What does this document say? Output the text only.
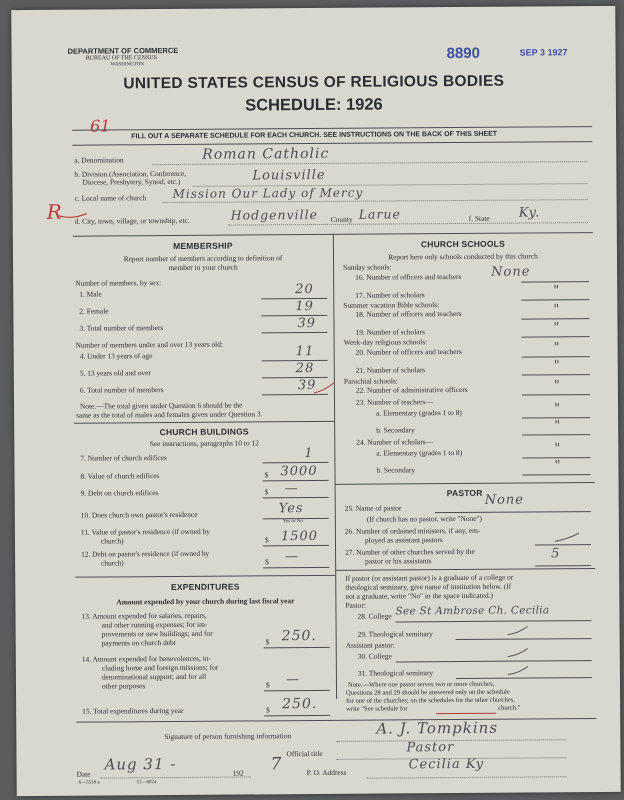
DEPARTMENT OF COMMERCE
BUREAU OF THE CENSUS
WASHINGTON
8890	SEP 3 1927
UNITED STATES CENSUS OF RELIGIOUS BODIES
SCHEDULE: 1926
61	FILL OUT A SEPARATE SCHEDULE FOR EACH CHURCH. SEE INSTRUCTIONS ON THE BACK OF THIS SHEET
a. Denomination	Roman Catholic
b. Division (Association, Conference,
Diocese, Presbytery, Synod, etc.)	Louisville
c. Local name of church Mission Our Lady of Mercy
R d. City, town, village, or township, etc.	Hodgenville County Larue	f. State Ky.
MEMBERSHIP
Report number of members according to definition of
member in your church
Number of members, by sex:
1. Male	20
2. Female	19
3. Total number of members	39
Number of members under and over 13 years old:
4. Under 13 years of age	11
5. 13 years old and over	28
6. Total number of members	39
Note.—The total given under Question 6 should be the
same as the total of males and females given under Question 3.
CHURCH BUILDINGS
See instructions, paragraphs 10 to 12
7. Number of church edifices	1
8. Value of church edifices	$ 3000
9. Debt on church edifices	$ —
10. Does church own pastor's residence	Yes
Yes or No
11. Value of pastor's residence (if owned by
church)	$ 1500
12. Debt on pastor's residence (if owned by
church)	$ —
EXPENDITURES
Amount expended by your church during last fiscal year
13. Amount expended for salaries, repairs,
and other running expenses; for im-
provements or new buildings; and for
payments on church debt	$ 250.
14. Amount expended for benevolences, in-
cluding home and foreign missions; for
denominational support; and for all
other purposes	$ —
15. Total expenditures during year	$ 250.
CHURCH SCHOOLS
Report here only schools conducted by this church
Sunday schools:
16. Number of officers and teachers None
17. Number of scholars	"
Summer vacation Bible schools:
18. Number of officers and teachers	"
19. Number of scholars	"
Week-day religious schools:
20. Number of officers and teachers	"
21. Number of scholars	"
Parochial schools:
22. Number of administrative officers	"
23. Number of teachers—
a. Elementary (grades 1 to 8)	"
b. Secondary	"
24. Number of scholars—
a. Elementary (grades 1 to 8)	"
b. Secondary	"
PASTOR
25. Name of pastor
None
(If church has no pastor, write "None")
26. Number of ordained ministers, if any, em-
ployed as assistant pastors
27. Number of other churches served by the
pastor or his assistants	5
If pastor (or assistant pastor) is a graduate of a college or
theological seminary, give name of institution below. (If
not a graduate, write "No" in the space indicated.)
Pastor:
28. College See St Ambrose Ch. Cecilia
29. Theological seminary
Assistant pastor:
30. College
31. Theological seminary
Note.—Where one pastor serves two or more churches,
Questions 28 and 29 should be answered only on the schedule
for one of the churches; on the schedules for the other churches,
write "See schedule for	church."
Signature of person furnishing information	A. J. Tompkins
Official title	Pastor
Date
Aug 31 -	192 7	P. O. Address
Cecilia Ky
6—5518 a	11—6024
